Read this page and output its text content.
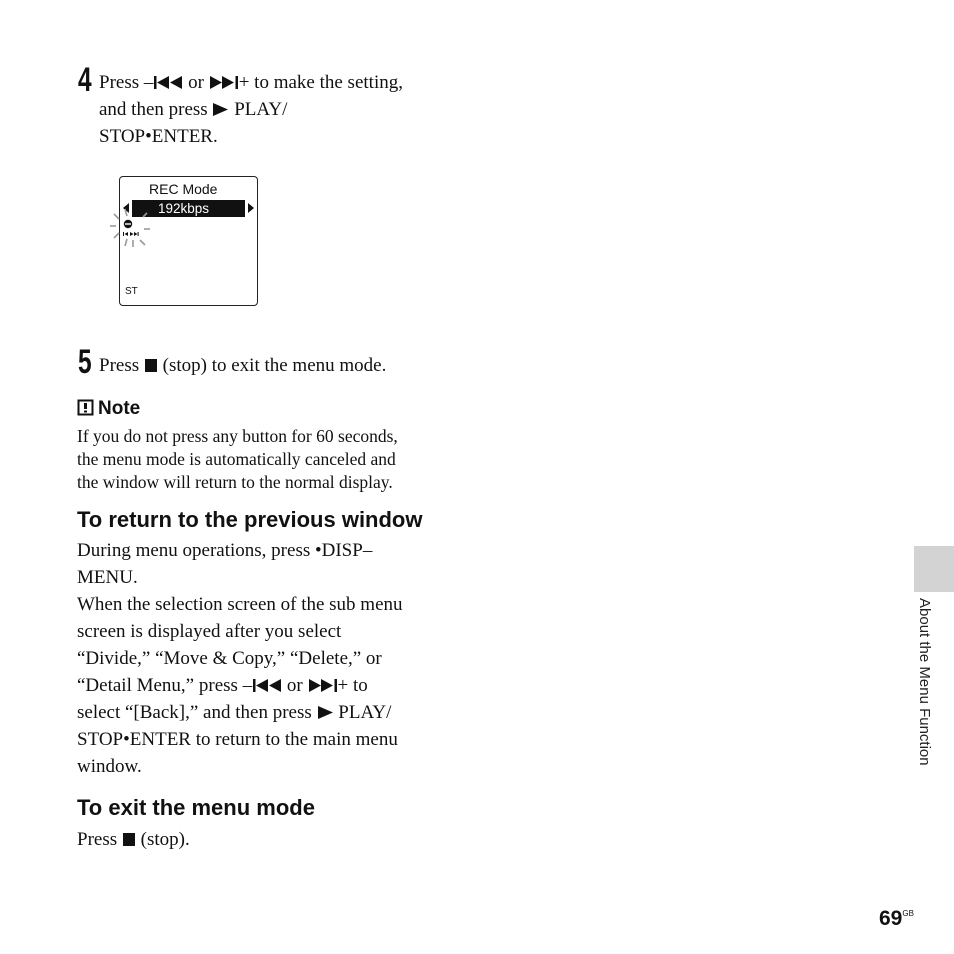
4 Press – or + to make the setting,
and then press  PLAY/
STOP•ENTER.
REC Mode
192kbps
ST
5 Press  (stop) to exit the menu mode.
Note
If you do not press any button for 60 seconds,
the menu mode is automatically canceled and
the window will return to the normal display.
To return to the previous window
During menu operations, press •DISP–
MENU.
When the selection screen of the sub menu
screen is displayed after you select
“Divide,” “Move & Copy,” “Delete,” or
“Detail Menu,” press – or + to
select “[Back],” and then press  PLAY/
STOP•ENTER to return to the main menu
window.
To exit the menu mode
Press  (stop).
About the Menu Function
$69^{GB}$
